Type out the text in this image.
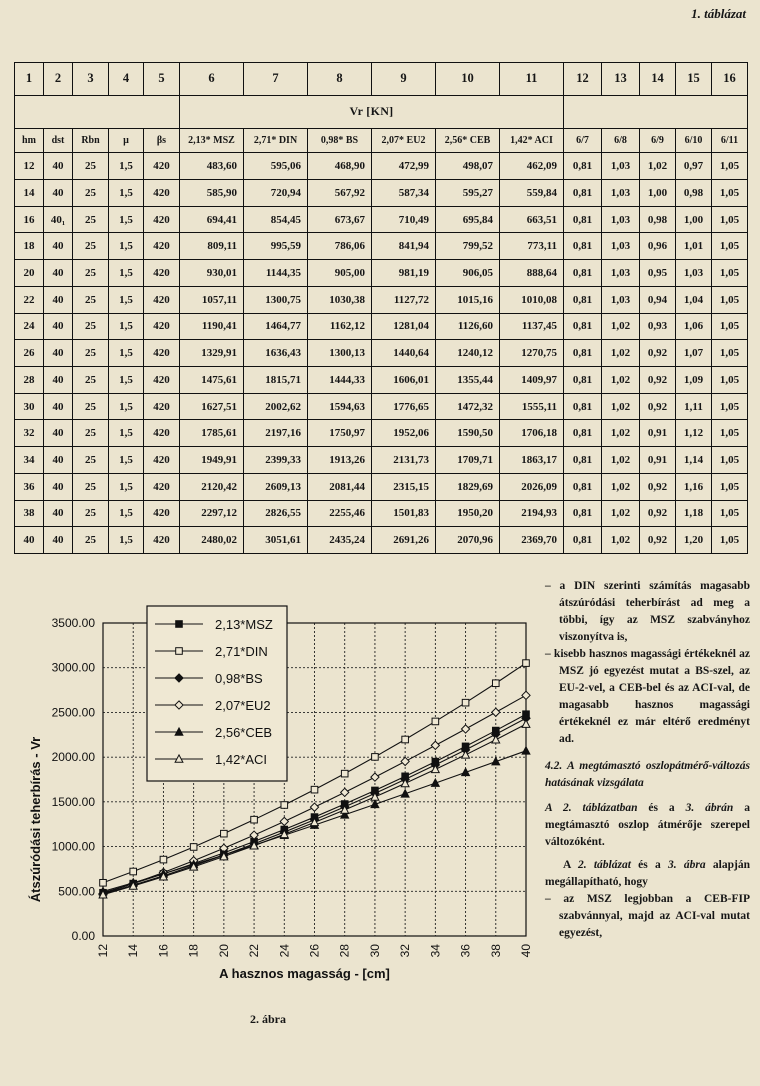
1. táblázat
1	2	3	4	5	6	7	8	9	10	11	12	13	14	15	16
					Vr [KN]										
hm	dst	Rbn	µ	βs	2,13* MSZ	2,71* DIN	0,98* BS	2,07* EU2	2,56* CEB	1,42* ACI	6/7	6/8	6/9	6/10	6/11
12	40	25	1,5	420	483,60	595,06	468,90	472,99	498,07	462,09	0,81	1,03	1,02	0,97	1,05
14	40	25	1,5	420	585,90	720,94	567,92	587,34	595,27	559,84	0,81	1,03	1,00	0,98	1,05
16	40₁	25	1,5	420	694,41	854,45	673,67	710,49	695,84	663,51	0,81	1,03	0,98	1,00	1,05
18	40	25	1,5	420	809,11	995,59	786,06	841,94	799,52	773,11	0,81	1,03	0,96	1,01	1,05
20	40	25	1,5	420	930,01	1144,35	905,00	981,19	906,05	888,64	0,81	1,03	0,95	1,03	1,05
22	40	25	1,5	420	1057,11	1300,75	1030,38	1127,72	1015,16	1010,08	0,81	1,03	0,94	1,04	1,05
24	40	25	1,5	420	1190,41	1464,77	1162,12	1281,04	1126,60	1137,45	0,81	1,02	0,93	1,06	1,05
26	40	25	1,5	420	1329,91	1636,43	1300,13	1440,64	1240,12	1270,75	0,81	1,02	0,92	1,07	1,05
28	40	25	1,5	420	1475,61	1815,71	1444,33	1606,01	1355,44	1409,97	0,81	1,02	0,92	1,09	1,05
30	40	25	1,5	420	1627,51	2002,62	1594,63	1776,65	1472,32	1555,11	0,81	1,02	0,92	1,11	1,05
32	40	25	1,5	420	1785,61	2197,16	1750,97	1952,06	1590,50	1706,18	0,81	1,02	0,91	1,12	1,05
34	40	25	1,5	420	1949,91	2399,33	1913,26	2131,73	1709,71	1863,17	0,81	1,02	0,91	1,14	1,05
36	40	25	1,5	420	2120,42	2609,13	2081,44	2315,15	1829,69	2026,09	0,81	1,02	0,92	1,16	1,05
38	40	25	1,5	420	2297,12	2826,55	2255,46	1501,83	1950,20	2194,93	0,81	1,02	0,92	1,18	1,05
40	40	25	1,5	420	2480,02	3051,61	2435,24	2691,26	2070,96	2369,70	0,81	1,02	0,92	1,20	1,05
0.00
500.00
1000.00
1500.00
2000.00
2500.00
3000.00
3500.00
12 14 16 18 20 22 24 26 28 30 32 34 36 38 40
2,13*MSZ
2,71*DIN
0,98*BS
2,07*EU2
2,56*CEB
1,42*ACI
A hasznos magasság - [cm]
Átszúródási teherbírás - Vr
2. ábra

– a DIN szerinti számítás magasabb átszúródási teherbírást ad meg a többi, így az MSZ szabványhoz viszonyítva is,

– kisebb hasznos magassági értékeknél az MSZ jó egyezést mutat a BS-szel, az EU-2-vel, a CEB-bel és az ACI-val, de magasabb hasznos magassági értékeknél ez már eltérő eredményt ad.

4.2. A megtámasztó oszlopátmérő-változás hatásának vizsgálata

A 2. táblázatban és a 3. ábrán a megtámasztó oszlop átmérője szerepel változóként.

A 2. táblázat és a 3. ábra alapján megállapítható, hogy

– az MSZ legjobban a CEB-FIP szabvánnyal, majd az ACI-val mutat egyezést,
